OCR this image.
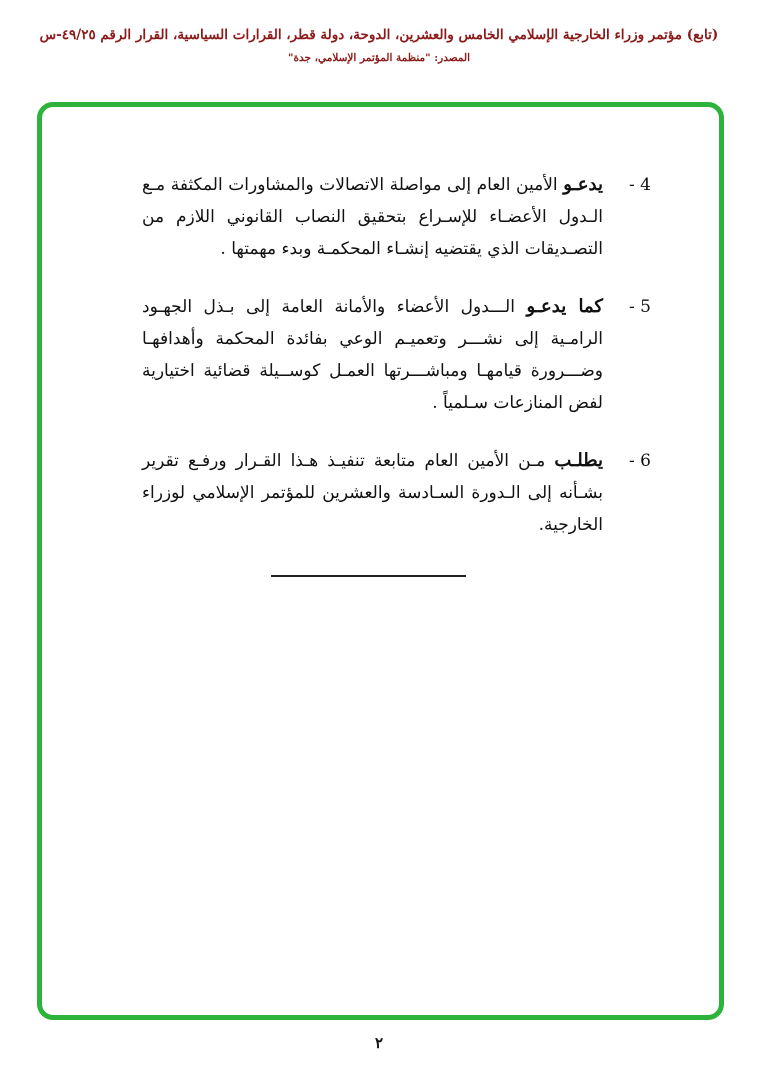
(تابع) مؤتمر وزراء الخارجية الإسلامي الخامس والعشرين، الدوحة، دولة قطر، القرارات السياسية، القرار الرقم ٤٩/٢٥-س
المصدر: "منظمة المؤتمر الإسلامي، جدة"
4 -

يدعـو الأمين العام إلى مواصلة الاتصالات والمشاورات المكثفة مـع الـدول الأعضـاء للإسـراع بتحقيق النصاب القانوني اللازم من التصـديقات الذي يقتضيه إنشـاء المحكمـة وبدء مهمتها .

5 -

كما يدعـو الـــدول الأعضاء والأمانة العامة إلى بـذل الجهـود الرامـية إلى نشـــر وتعميـم الوعي بفائدة المحكمة وأهدافهـا وضـــرورة قيامهـا ومباشـــرتها العمـل كوســيلة قضائية اختيارية لفض المنازعات سـلمياً .

6 -

يطلـب مـن الأمين العام متابعة تنفيـذ هـذا القـرار ورفـع تقرير بشـأنه إلى الـدورة السـادسة والعشرين للمؤتمر الإسلامي لوزراء الخارجية.

٢
